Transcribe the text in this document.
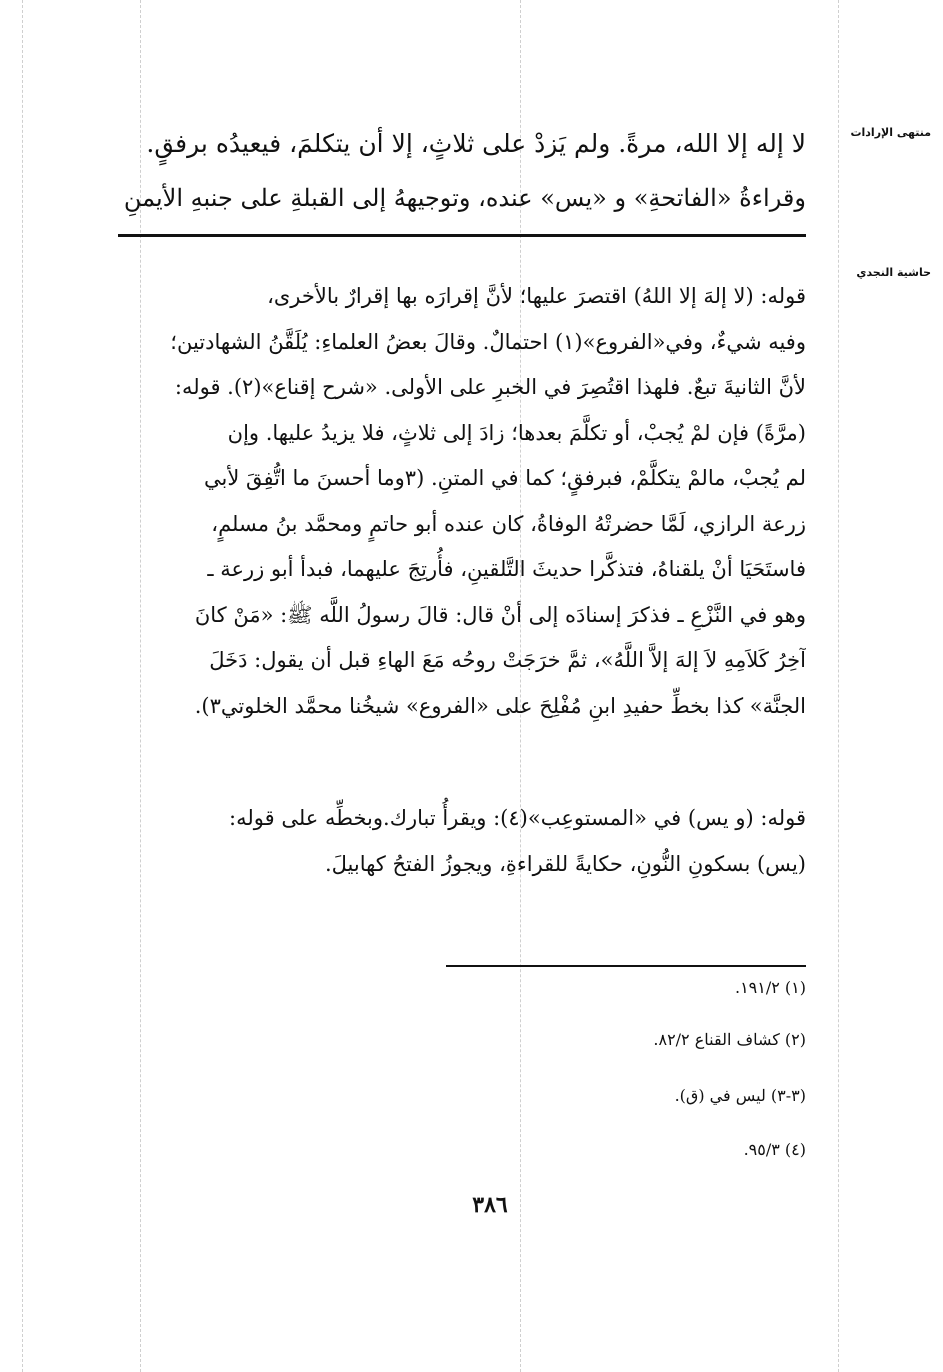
منتهى الإرادات
حاشية النجدي
لا إله إلا الله، مرةً. ولم يَزدْ على ثلاثٍ، إلا أن يتكلمَ، فيعيدُه برفقٍ.
وقراءةُ «الفاتحةِ» و «يس» عنده، وتوجيههُ إلى القبلةِ على جنبهِ الأيمنِ
قوله: (لا إلهَ إلا اللهُ) اقتصرَ عليها؛ لأنَّ إقرارَه بها إقرارٌ بالأخرى،
وفيه شيءٌ، وفي«الفروع»(١) احتمالٌ. وقالَ بعضُ العلماءِ: يُلَقَّنُ الشهادتين؛
لأنَّ الثانيةَ تبعٌ. فلهذا اقتُصِرَ في الخبرِ على الأولى. «شرح إقناع»(٢). قوله:
(مرَّةً) فإن لمْ يُجبْ، أو تكلَّمَ بعدها؛ زادَ إلى ثلاثٍ، فلا يزيدُ عليها. وإن
لم يُجبْ، مالمْ يتكلَّمْ، فبرفقٍ؛ كما في المتنِ. (٣وما أحسنَ ما اتُّفِقَ لأبي
زرعة الرازي، لَمَّا حضرتْهُ الوفاةُ، كان عنده أبو حاتمٍ ومحمَّد بنُ مسلمٍ،
فاستَحَيَا أنْ يلقناهُ، فتذكَّرا حديثَ التَّلقينِ، فأُرتِجَ عليهما، فبدأ أبو زرعة ـ
وهو في النَّزْعِ ـ فذكرَ إسنادَه إلى أنْ قال: قالَ رسولُ اللَّه ﷺ: «مَنْ كانَ
آخِرُ كَلاَمِهِ لاَ إلهَ إلاَّ اللَّهُ»، ثمَّ خرَجَتْ روحُه مَعَ الهاءِ قبل أن يقول: دَخَلَ
الجنَّة» كذا بخطِّ حفيدِ ابنِ مُفْلِحَ على «الفروع» شيخُنا محمَّد الخلوتي٣).
قوله: (و يس) في «المستوعِب»(٤): ويقرأُ تبارك.وبخطِّه على قوله:
(يس) بسكونِ النُّونِ، حكايةً للقراءةِ، ويجوزُ الفتحُ كهابيلَ.
(١) ١٩١/٢.
(٢) كشاف القناع ٨٢/٢.
(٣-٣) ليس في (ق).
(٤) ٩٥/٣.
٣٨٦
